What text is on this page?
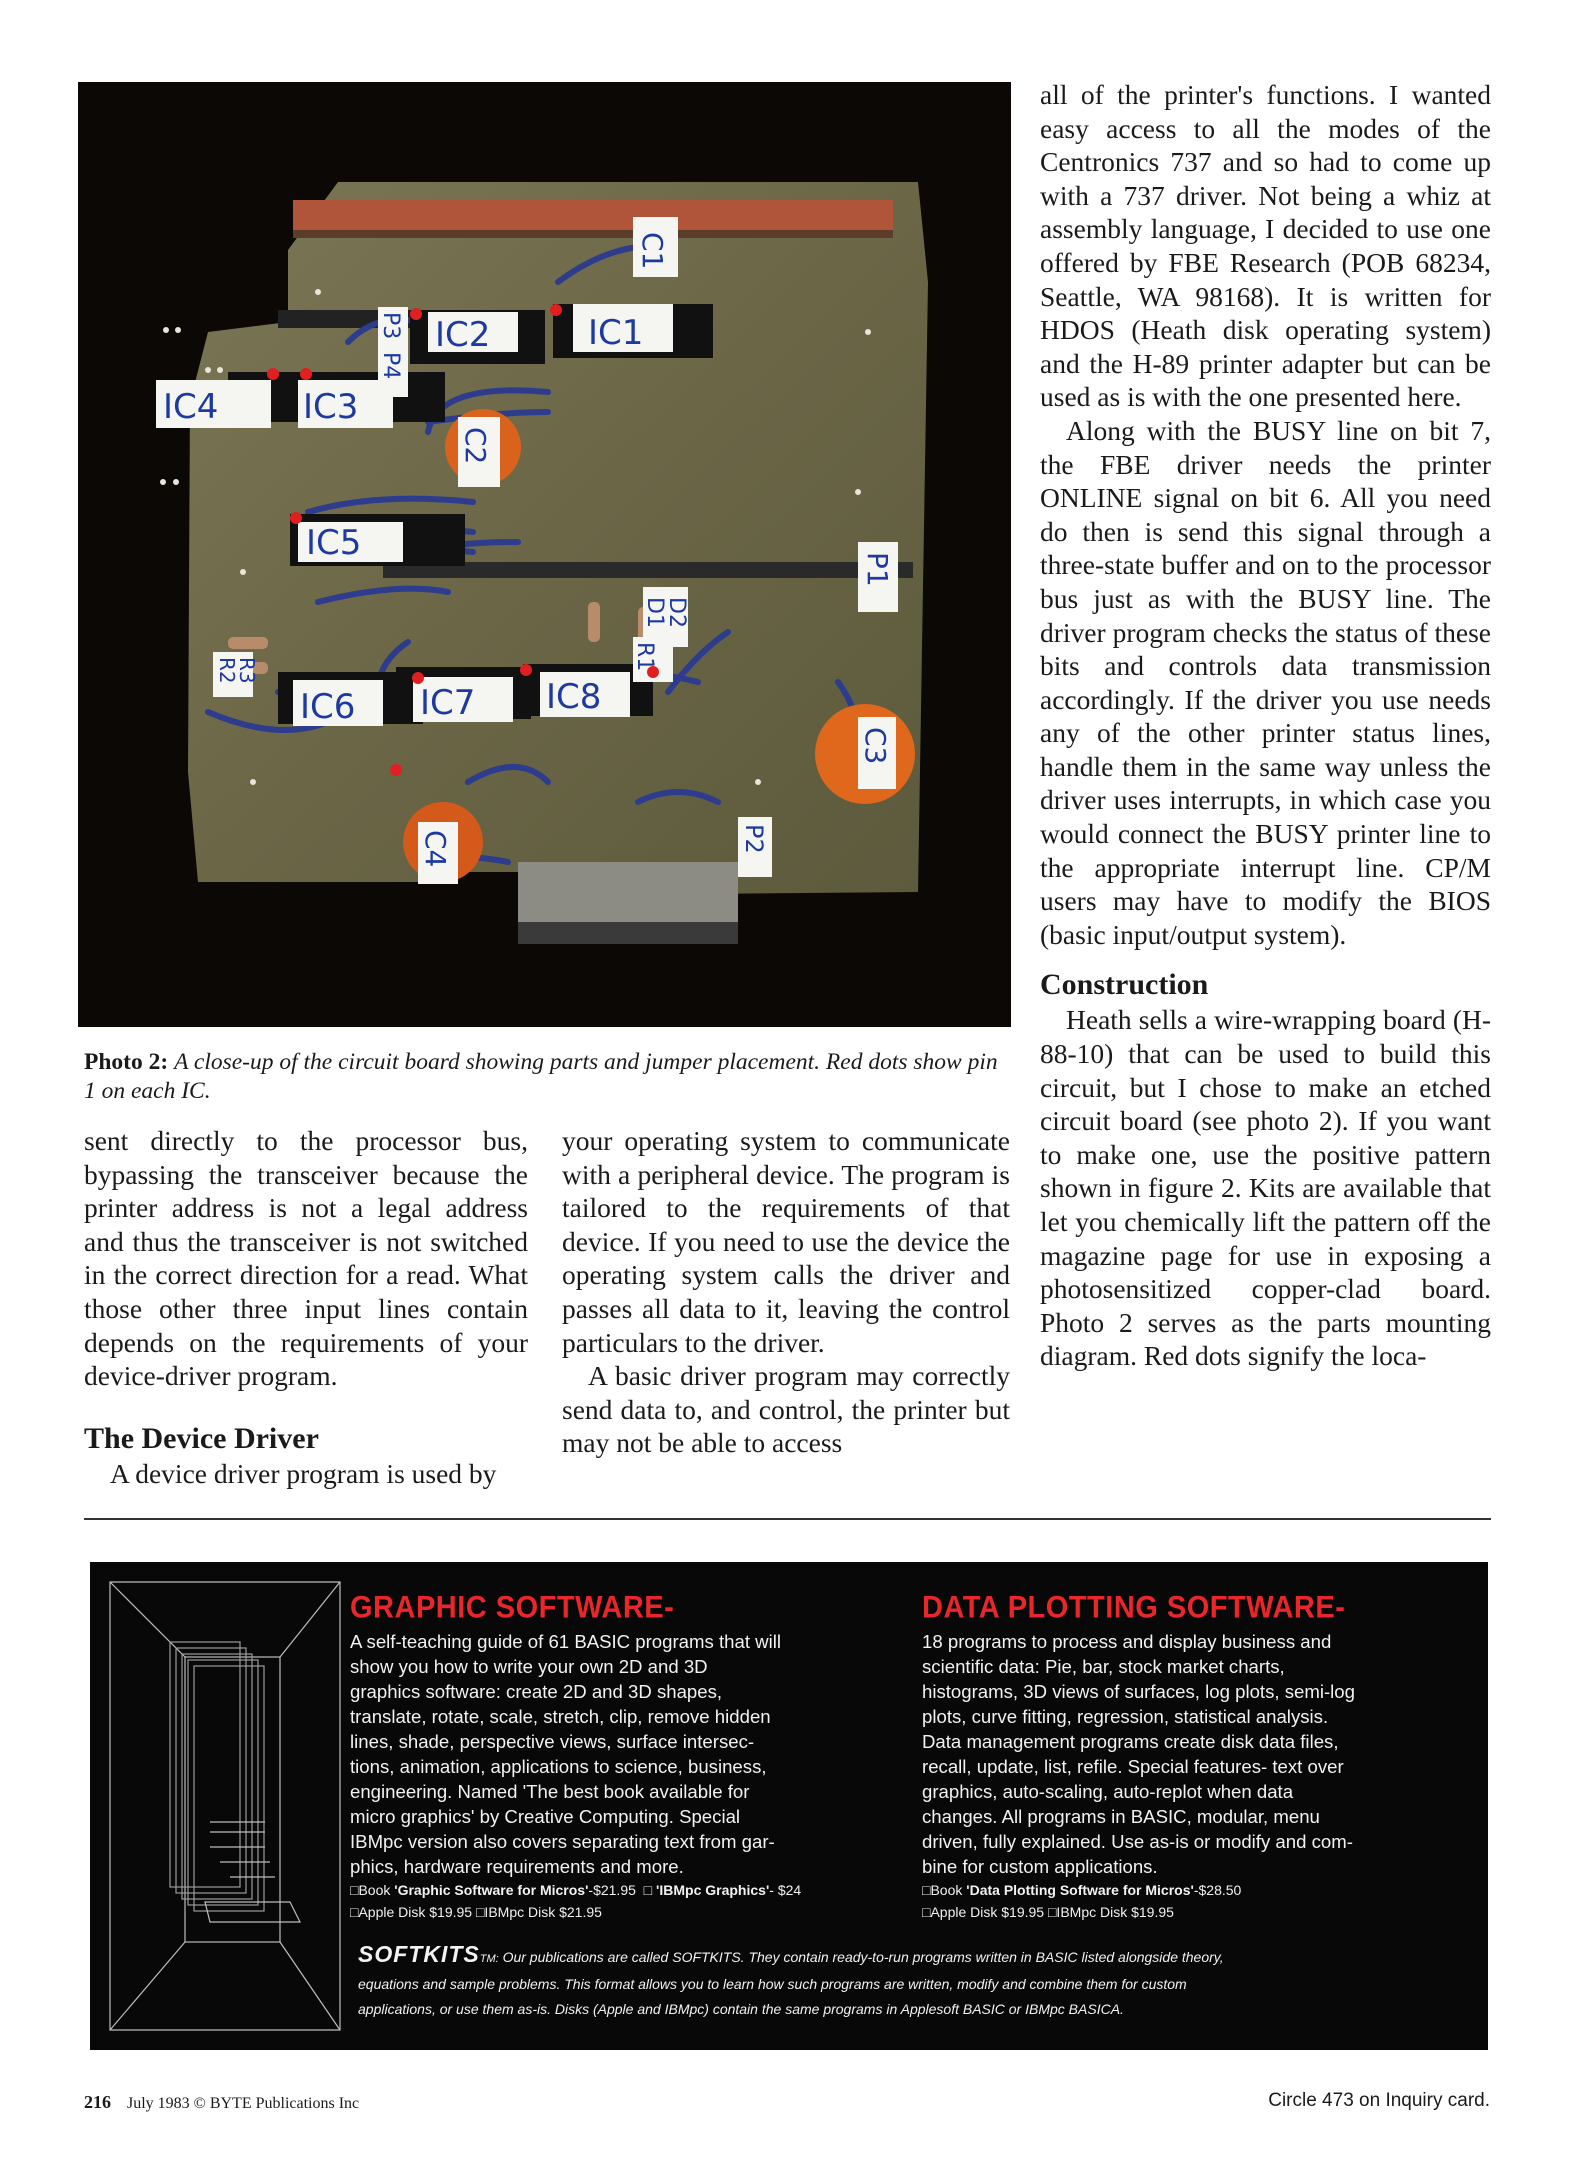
IC2	IC1
IC4 IC3
IC5
IC6 IC7 IC8
C1
C2
C3
C4
P1
P2
P3
P4
D1
D2
R1
R2
R3
Photo 2: A close-up of the circuit board showing parts and jumper placement. Red dots show pin 1 on each IC.

sent directly to the processor bus, bypassing the transceiver because the printer address is not a legal address and thus the transceiver is not switched in the correct direction for a read. What those other three input lines contain depends on the requirements of your device-driver program.

The Device Driver

A device driver program is used by

your operating system to communicate with a peripheral device. The program is tailored to the requirements of that device. If you need to use the device the operating system calls the driver and passes all data to it, leaving the control particulars to the driver.

A basic driver program may correctly send data to, and control, the printer but may not be able to access

all of the printer's functions. I wanted easy access to all the modes of the Centronics 737 and so had to come up with a 737 driver. Not being a whiz at assembly language, I decided to use one offered by FBE Research (POB 68234, Seattle, WA 98168). It is written for HDOS (Heath disk operating system) and the H-89 printer adapter but can be used as is with the one presented here.

Along with the BUSY line on bit 7, the FBE driver needs the printer ONLINE signal on bit 6. All you need do then is send this signal through a three-state buffer and on to the processor bus just as with the BUSY line. The driver program checks the status of these bits and controls data transmission accordingly. If the driver you use needs any of the other printer status lines, handle them in the same way unless the driver uses interrupts, in which case you would connect the BUSY printer line to the appropriate interrupt line. CP/M users may have to modify the BIOS (basic input/output system).

Construction

Heath sells a wire-wrapping board (H-88-10) that can be used to build this circuit, but I chose to make an etched circuit board (see photo 2). If you want to make one, use the positive pattern shown in figure 2. Kits are available that let you chemically lift the pattern off the magazine page for use in exposing a photosensitized copper-clad board. Photo 2 serves as the parts mounting diagram. Red dots signify the loca-

GRAPHIC SOFTWARE-
A self-teaching guide of 61 BASIC programs that will
show you how to write your own 2D and 3D
graphics software: create 2D and 3D shapes,
translate, rotate, scale, stretch, clip, remove hidden
lines, shade, perspective views, surface intersec-
tions, animation, applications to science, business,
engineering. Named 'The best book available for
micro graphics' by Creative Computing. Special
IBMpc version also covers separating text from gar-
phics, hardware requirements and more.
□Book 'Graphic Software for Micros'-$21.95 □ 'IBMpc Graphics'- $24
□Apple Disk $19.95 □IBMpc Disk $21.95
DATA PLOTTING SOFTWARE-
18 programs to process and display business and
scientific data: Pie, bar, stock market charts,
histograms, 3D views of surfaces, log plots, semi-log
plots, curve fitting, regression, statistical analysis.
Data management programs create disk data files,
recall, update, list, refile. Special features- text over
graphics, auto-scaling, auto-replot when data
changes. All programs in BASIC, modular, menu
driven, fully explained. Use as-is or modify and com-
bine for custom applications.
□Book 'Data Plotting Software for Micros'-$28.50
□Apple Disk $19.95 □IBMpc Disk $19.95
SOFTKITSTM: Our publications are called SOFTKITS. They contain ready-to-run programs written in BASIC listed alongside theory,
equations and sample problems. This format allows you to learn how such programs are written, modify and combine them for custom
applications, or use them as-is. Disks (Apple and IBMpc) contain the same programs in Applesoft BASIC or IBMpc BASICA.
216 July 1983 © BYTE Publications Inc	Circle 473 on Inquiry card.
